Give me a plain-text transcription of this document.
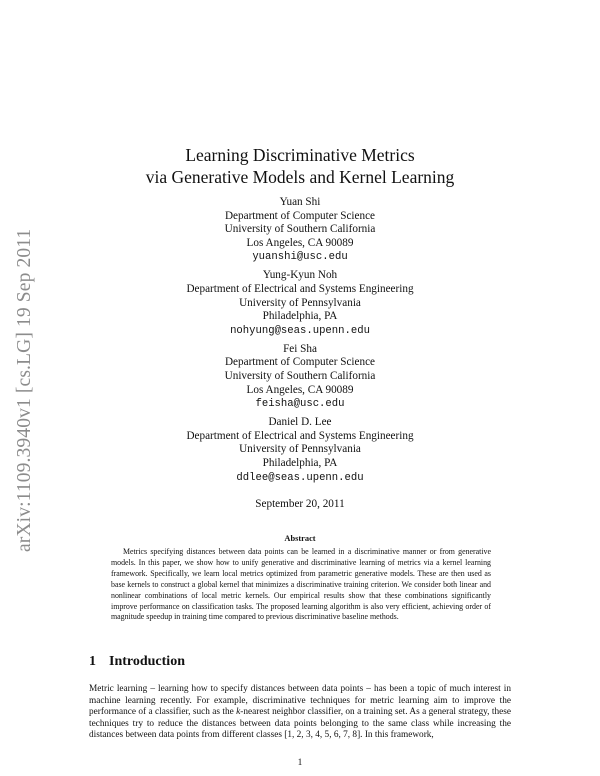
arXiv:1109.3940v1 [cs.LG] 19 Sep 2011
Learning Discriminative Metrics
via Generative Models and Kernel Learning
Yuan Shi
Department of Computer Science
University of Southern California
Los Angeles, CA 90089
yuanshi@usc.edu
Yung-Kyun Noh
Department of Electrical and Systems Engineering
University of Pennsylvania
Philadelphia, PA
nohyung@seas.upenn.edu
Fei Sha
Department of Computer Science
University of Southern California
Los Angeles, CA 90089
feisha@usc.edu
Daniel D. Lee
Department of Electrical and Systems Engineering
University of Pennsylvania
Philadelphia, PA
ddlee@seas.upenn.edu
September 20, 2011
Abstract
Metrics specifying distances between data points can be learned in a discriminative manner or from generative models. In this paper, we show how to unify generative and discriminative learning of metrics via a kernel learning framework. Specifically, we learn local metrics optimized from parametric generative models. These are then used as base kernels to construct a global kernel that minimizes a discriminative training criterion. We consider both linear and nonlinear combinations of local metric kernels. Our empirical results show that these combinations significantly improve performance on classification tasks. The proposed learning algorithm is also very efficient, achieving order of magnitude speedup in training time compared to previous discriminative baseline methods.
1 Introduction
Metric learning – learning how to specify distances between data points – has been a topic of much interest in machine learning recently. For example, discriminative techniques for metric learning aim to improve the performance of a classifier, such as the k-nearest neighbor classifier, on a training set. As a general strategy, these techniques try to reduce the distances between data points belonging to the same class while increasing the distances between data points from different classes [1, 2, 3, 4, 5, 6, 7, 8]. In this framework,
1
